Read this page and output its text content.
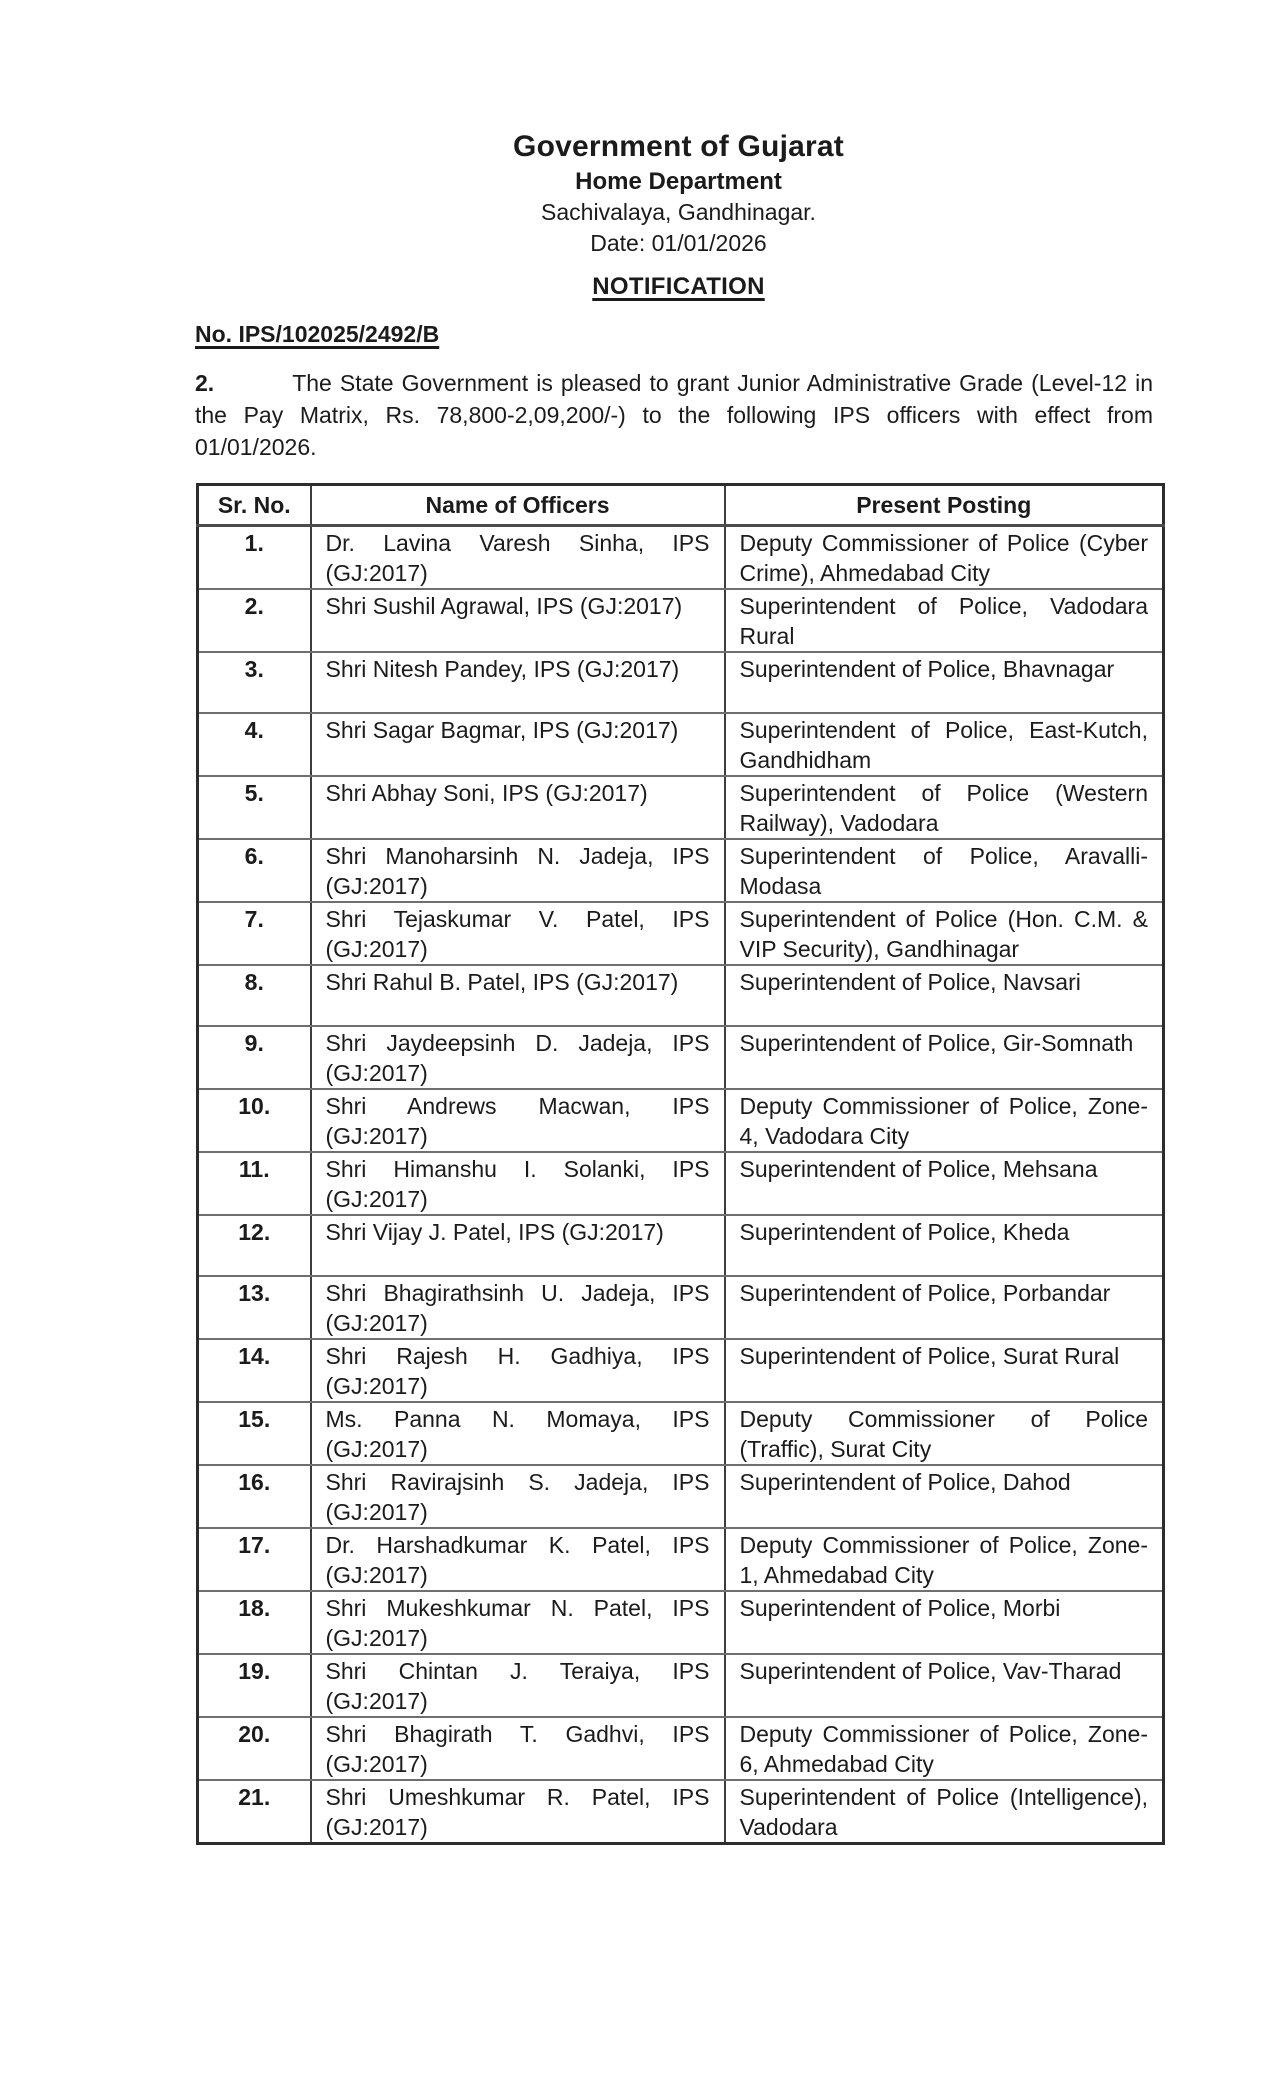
Government of Gujarat
Home Department
Sachivalaya, Gandhinagar.
Date: 01/01/2026
NOTIFICATION
No. IPS/102025/2492/B

2.	The State Government is pleased to grant Junior Administrative Grade (Level-12 in the Pay Matrix, Rs. 78,800-2,09,200/-) to the following IPS officers with effect from 01/01/2026.

Sr. No.	Name of Officers	Present Posting
1.	Dr. Lavina Varesh Sinha, IPS (GJ:2017)	Deputy Commissioner of Police (Cyber Crime), Ahmedabad City
2.	Shri Sushil Agrawal, IPS (GJ:2017)	Superintendent of Police, Vadodara Rural
3.	Shri Nitesh Pandey, IPS (GJ:2017)	Superintendent of Police, Bhavnagar
4.	Shri Sagar Bagmar, IPS (GJ:2017)	Superintendent of Police, East-Kutch, Gandhidham
5.	Shri Abhay Soni, IPS (GJ:2017)	Superintendent of Police (Western Railway), Vadodara
6.	Shri Manoharsinh N. Jadeja, IPS (GJ:2017)	Superintendent of Police, Aravalli-Modasa
7.	Shri Tejaskumar V. Patel, IPS (GJ:2017)	Superintendent of Police (Hon. C.M. & VIP Security), Gandhinagar
8.	Shri Rahul B. Patel, IPS (GJ:2017)	Superintendent of Police, Navsari
9.	Shri Jaydeepsinh D. Jadeja, IPS (GJ:2017)	Superintendent of Police, Gir-Somnath
10.	Shri Andrews Macwan, IPS (GJ:2017)	Deputy Commissioner of Police, Zone-4, Vadodara City
11.	Shri Himanshu I. Solanki, IPS (GJ:2017)	Superintendent of Police, Mehsana
12.	Shri Vijay J. Patel, IPS (GJ:2017)	Superintendent of Police, Kheda
13.	Shri Bhagirathsinh U. Jadeja, IPS (GJ:2017)	Superintendent of Police, Porbandar
14.	Shri Rajesh H. Gadhiya, IPS (GJ:2017)	Superintendent of Police, Surat Rural
15.	Ms. Panna N. Momaya, IPS (GJ:2017)	Deputy Commissioner of Police (Traffic), Surat City
16.	Shri Ravirajsinh S. Jadeja, IPS (GJ:2017)	Superintendent of Police, Dahod
17.	Dr. Harshadkumar K. Patel, IPS (GJ:2017)	Deputy Commissioner of Police, Zone-1, Ahmedabad City
18.	Shri Mukeshkumar N. Patel, IPS (GJ:2017)	Superintendent of Police, Morbi
19.	Shri Chintan J. Teraiya, IPS (GJ:2017)	Superintendent of Police, Vav-Tharad
20.	Shri Bhagirath T. Gadhvi, IPS (GJ:2017)	Deputy Commissioner of Police, Zone-6, Ahmedabad City
21.	Shri Umeshkumar R. Patel, IPS (GJ:2017)	Superintendent of Police (Intelligence), Vadodara
